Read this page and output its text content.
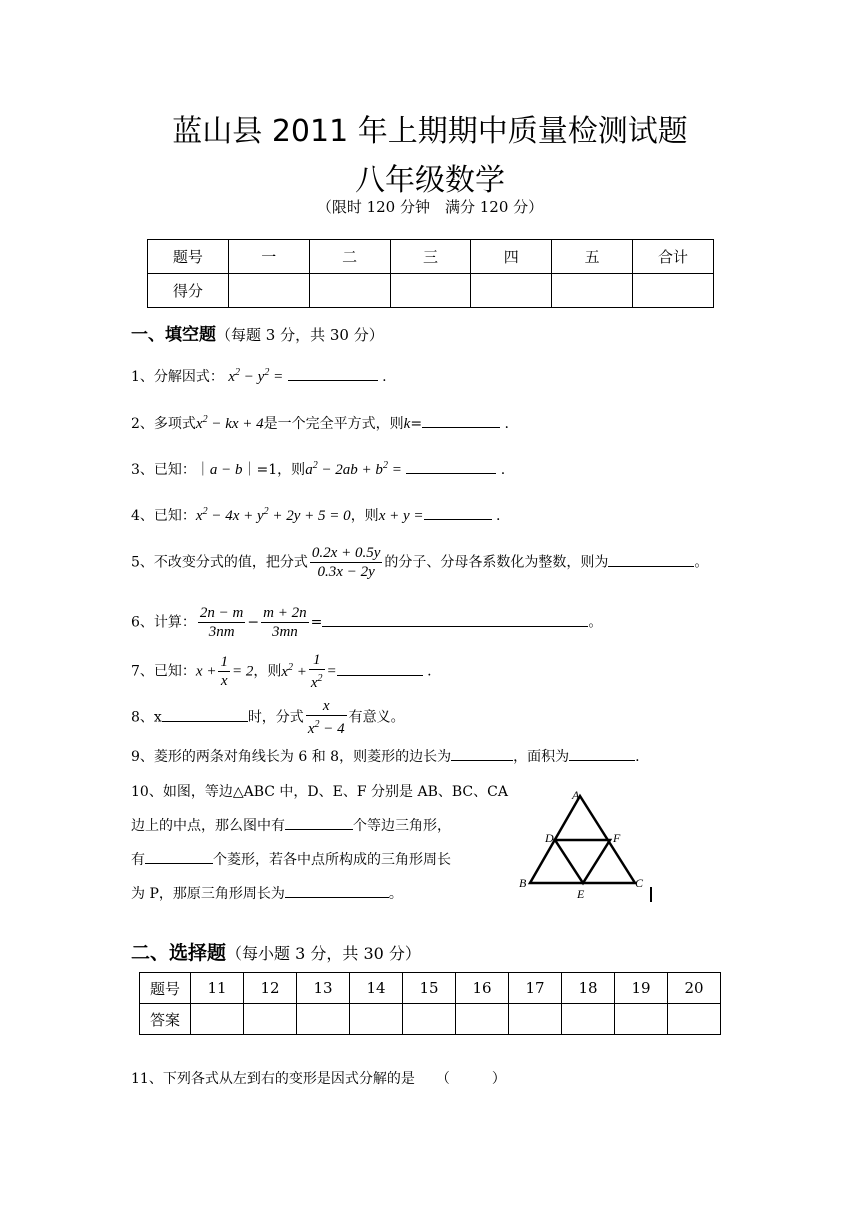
蓝山县 2011 年上期期中质量检测试题
八年级数学
（限时 120 分钟　满分 120 分）
题号	一	二	三	四	五	合计
得分						
一、填空题（每题 3 分，共 30 分）
1、分解因式： $x^2 - y^2$ =	.
2、多项式$x^2$ − kx + 4是一个完全平方式，则k=	.
3、已知：｜a − b｜=1，则$a^2 - 2ab + b^2$ =	.
4、已知：$x^2 - 4x + y^2 + 2y + 5 = 0$，则x + y =	.
5、不改变分式的值，把分式 $\frac{0.2x + 0.5y}{0.3x - 2y}$ 的分子、分母各系数化为整数，则为	。
6、计算： $\frac{2n - m}{3nm} - \frac{m + 2n}{3mn}$ =	。
7、已知：$x + \frac{1}{x} = 2$，则$x^2 + \frac{1}{x^2}$ =	.
8、x	时，分式 $\frac{x}{x^2 - 4}$ 有意义。
9、菱形的两条对角线长为 6 和 8，则菱形的边长为	，面积为	.
10、如图，等边△ABC 中，D、E、F 分别是 AB、BC、CA
边上的中点，那么图中有	个等边三角形，
有	个菱形，若各中点所构成的三角形周长
为 P，那原三角形周长为	。
A
B	C
D
E
F
二、选择题（每小题 3 分，共 30 分）
题号	11	12	13	14	15	16	17	18	19	20
答案										
11、下列各式从左到右的变形是因式分解的是　　（　　　）
